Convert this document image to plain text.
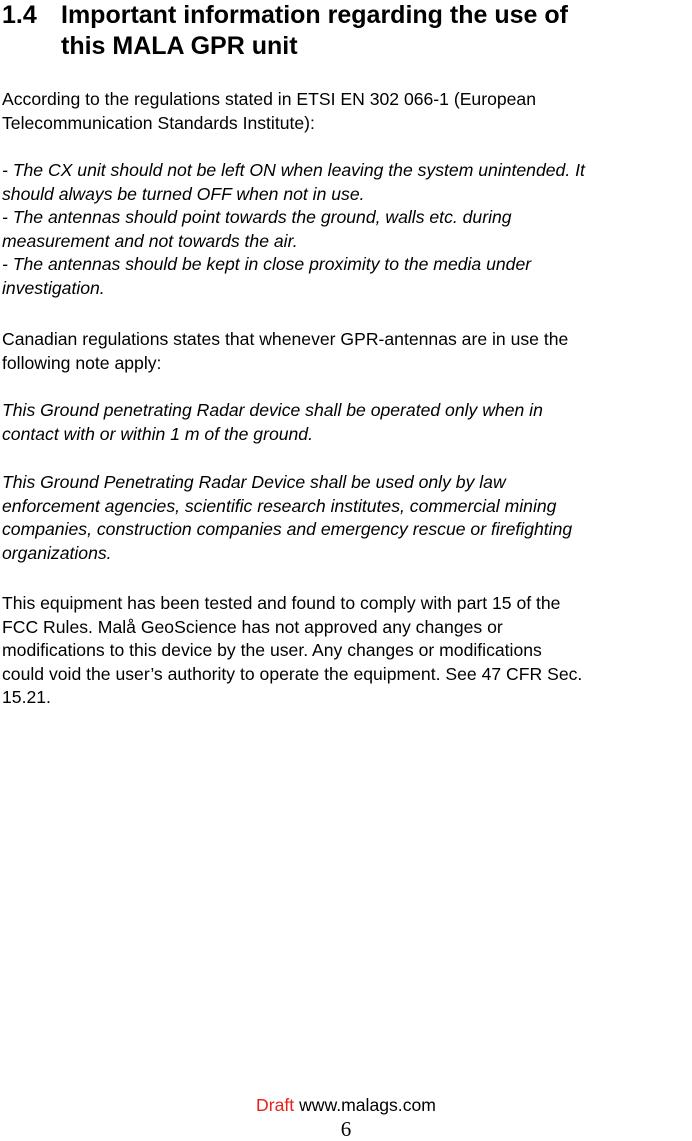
1.4 Important information regarding the use of
this MALA GPR unit
According to the regulations stated in ETSI EN 302 066-1 (European
Telecommunication Standards Institute):
- The CX unit should not be left ON when leaving the system unintended. It
should always be turned OFF when not in use.
- The antennas should point towards the ground, walls etc. during
measurement and not towards the air.
- The antennas should be kept in close proximity to the media under
investigation.
Canadian regulations states that whenever GPR-antennas are in use the
following note apply:
This Ground penetrating Radar device shall be operated only when in
contact with or within 1 m of the ground.
This Ground Penetrating Radar Device shall be used only by law
enforcement agencies, scientific research institutes, commercial mining
companies, construction companies and emergency rescue or firefighting
organizations.
This equipment has been tested and found to comply with part 15 of the
FCC Rules. Malå GeoScience has not approved any changes or
modifications to this device by the user. Any changes or modifications
could void the user’s authority to operate the equipment. See 47 CFR Sec.
15.21.
Draft www.malags.com
6
